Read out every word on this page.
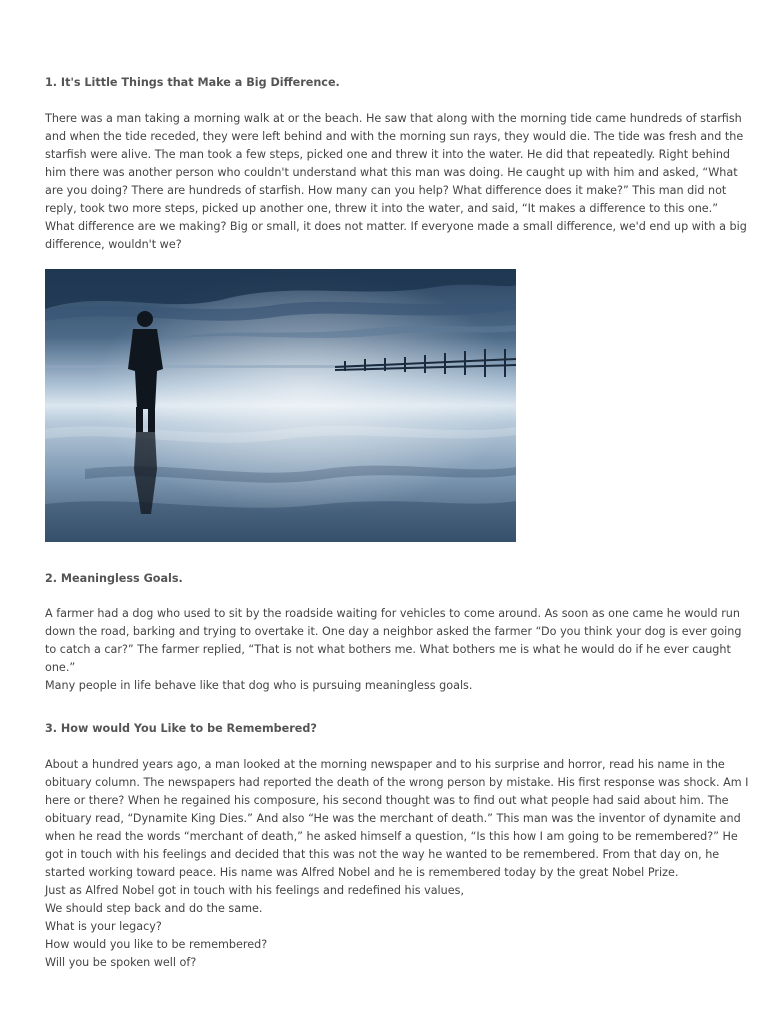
1. It's Little Things that Make a Big Difference.
There was a man taking a morning walk at or the beach. He saw that along with the morning tide came hundreds of starfish
and when the tide receded, they were left behind and with the morning sun rays, they would die. The tide was fresh and the
starfish were alive. The man took a few steps, picked one and threw it into the water. He did that repeatedly. Right behind
him there was another person who couldn't understand what this man was doing. He caught up with him and asked, “What
are you doing? There are hundreds of starfish. How many can you help? What difference does it make?” This man did not
reply, took two more steps, picked up another one, threw it into the water, and said, “It makes a difference to this one.”
What difference are we making? Big or small, it does not matter. If everyone made a small difference, we'd end up with a big
difference, wouldn't we?
2. Meaningless Goals.
A farmer had a dog who used to sit by the roadside waiting for vehicles to come around. As soon as one came he would run
down the road, barking and trying to overtake it. One day a neighbor asked the farmer “Do you think your dog is ever going
to catch a car?” The farmer replied, “That is not what bothers me. What bothers me is what he would do if he ever caught
one.”
Many people in life behave like that dog who is pursuing meaningless goals.
3. How would You Like to be Remembered?
About a hundred years ago, a man looked at the morning newspaper and to his surprise and horror, read his name in the
obituary column. The newspapers had reported the death of the wrong person by mistake. His first response was shock. Am I
here or there? When he regained his composure, his second thought was to find out what people had said about him. The
obituary read, “Dynamite King Dies.” And also “He was the merchant of death.” This man was the inventor of dynamite and
when he read the words “merchant of death,” he asked himself a question, “Is this how I am going to be remembered?” He
got in touch with his feelings and decided that this was not the way he wanted to be remembered. From that day on, he
started working toward peace. His name was Alfred Nobel and he is remembered today by the great Nobel Prize.
Just as Alfred Nobel got in touch with his feelings and redefined his values,
We should step back and do the same.
What is your legacy?
How would you like to be remembered?
Will you be spoken well of?
